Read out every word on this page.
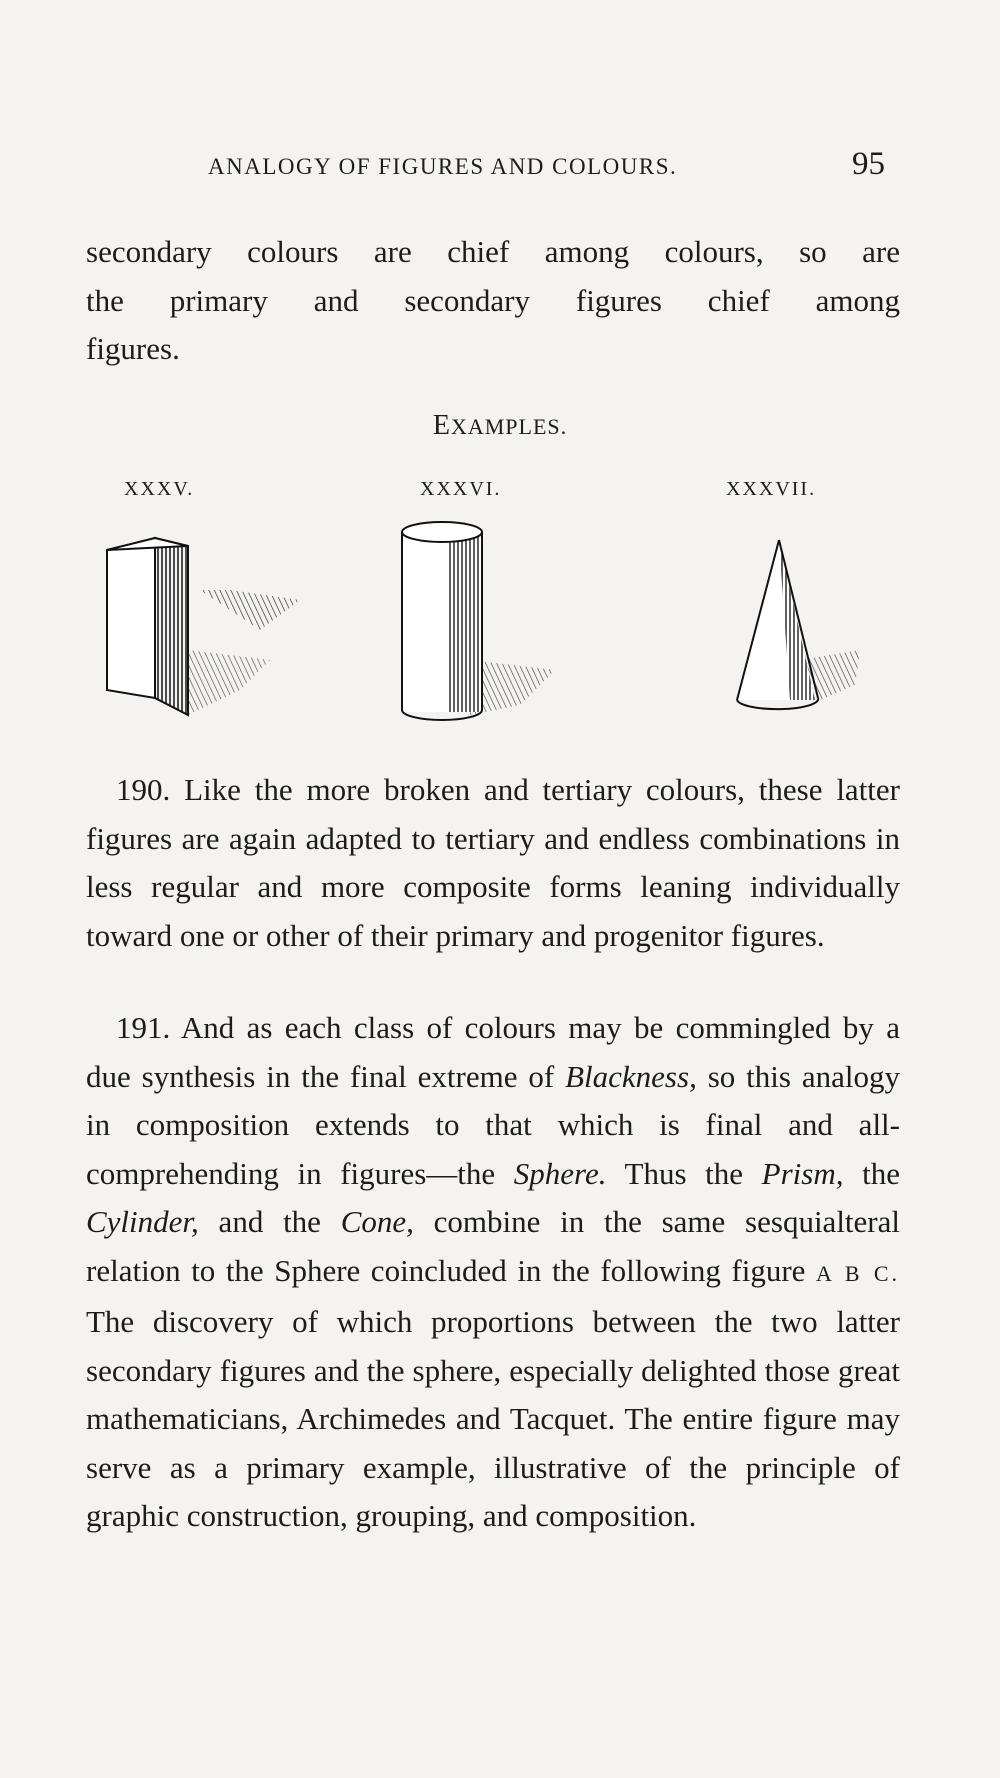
ANALOGY OF FIGURES AND COLOURS.	95
secondary colours are chief among colours, so are
the primary and secondary figures chief among
figures.
EXAMPLES.
XXXV.	XXXVI.	XXXVII.

190. Like the more broken and tertiary colours, these latter figures are again adapted to tertiary and endless combinations in less regular and more composite forms leaning individually toward one or other of their primary and progenitor figures.

191. And as each class of colours may be commingled by a due synthesis in the final extreme of Blackness, so this analogy in composition extends to that which is final and all-comprehending in figures—the Sphere. Thus the Prism, the Cylinder, and the Cone, combine in the same sesquialteral relation to the Sphere coincluded in the following figure A B C. The discovery of which proportions between the two latter secondary figures and the sphere, especially delighted those great mathematicians, Archimedes and Tacquet. The entire figure may serve as a primary example, illustrative of the principle of graphic construction, grouping, and composition.
